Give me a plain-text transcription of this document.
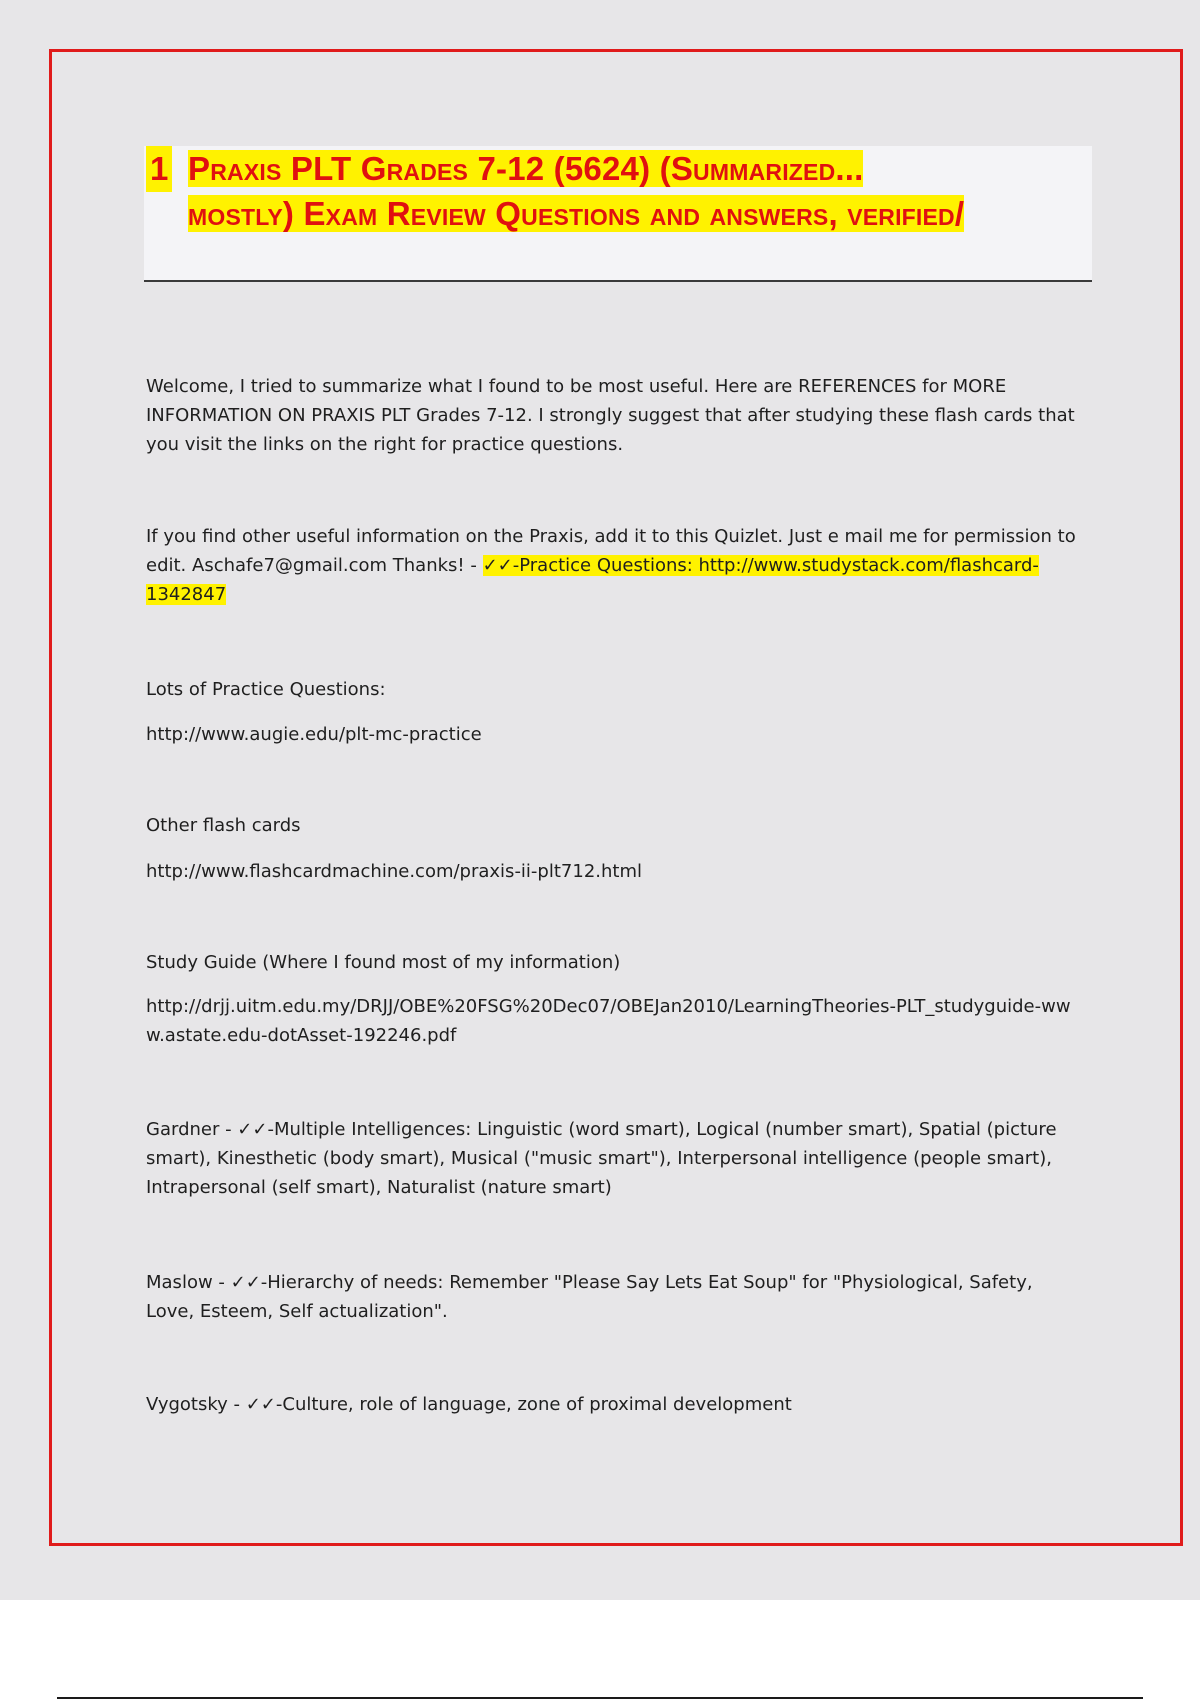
1 Praxis PLT Grades 7-12 (5624) (Summarized... mostly) Exam Review Questions and answers, verified/

Welcome, I tried to summarize what I found to be most useful. Here are REFERENCES for MORE INFORMATION ON PRAXIS PLT Grades 7-12. I strongly suggest that after studying these flash cards that you visit the links on the right for practice questions.

If you find other useful information on the Praxis, add it to this Quizlet. Just e mail me for permission to edit. Aschafe7@gmail.com Thanks! - ✓✓-Practice Questions: http://www.studystack.com/flashcard-1342847

Lots of Practice Questions:

http://www.augie.edu/plt-mc-practice

Other flash cards

http://www.flashcardmachine.com/praxis-ii-plt712.html

Study Guide (Where I found most of my information)

http://drjj.uitm.edu.my/DRJJ/OBE%20FSG%20Dec07/OBEJan2010/LearningTheories-PLT_studyguide-www.astate.edu-dotAsset-192246.pdf

Gardner - ✓✓-Multiple Intelligences: Linguistic (word smart), Logical (number smart), Spatial (picture smart), Kinesthetic (body smart), Musical ("music smart"), Interpersonal intelligence (people smart), Intrapersonal (self smart), Naturalist (nature smart)

Maslow - ✓✓-Hierarchy of needs: Remember "Please Say Lets Eat Soup" for "Physiological, Safety, Love, Esteem, Self actualization".

Vygotsky - ✓✓-Culture, role of language, zone of proximal development
